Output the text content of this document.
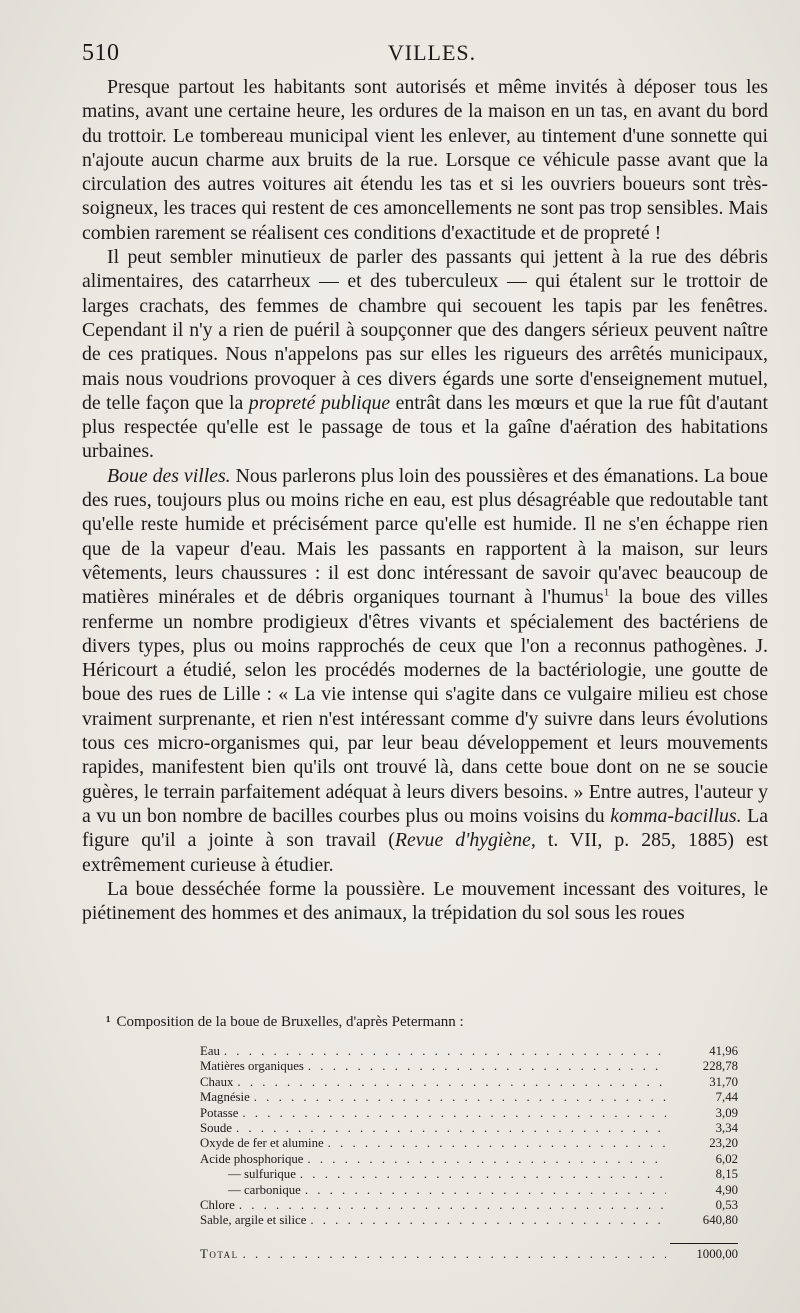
510	VILLES.

Presque partout les habitants sont autorisés et même invités à déposer tous les matins, avant une certaine heure, les ordures de la maison en un tas, en avant du bord du trottoir. Le tombereau municipal vient les enlever, au tintement d'une sonnette qui n'ajoute aucun charme aux bruits de la rue. Lorsque ce véhicule passe avant que la circulation des autres voitures ait étendu les tas et si les ouvriers boueurs sont très-soigneux, les traces qui restent de ces amoncellements ne sont pas trop sensibles. Mais combien rarement se réalisent ces conditions d'exactitude et de propreté !

Il peut sembler minutieux de parler des passants qui jettent à la rue des débris alimentaires, des catarrheux — et des tuberculeux — qui étalent sur le trottoir de larges crachats, des femmes de chambre qui secouent les tapis par les fenêtres. Cependant il n'y a rien de puéril à soupçonner que des dangers sérieux peuvent naître de ces pratiques. Nous n'appelons pas sur elles les rigueurs des arrêtés municipaux, mais nous voudrions provoquer à ces divers égards une sorte d'enseignement mutuel, de telle façon que la propreté publique entrât dans les mœurs et que la rue fût d'autant plus respectée qu'elle est le passage de tous et la gaîne d'aération des habitations urbaines.

Boue des villes. Nous parlerons plus loin des poussières et des émanations. La boue des rues, toujours plus ou moins riche en eau, est plus désagréable que redoutable tant qu'elle reste humide et précisément parce qu'elle est humide. Il ne s'en échappe rien que de la vapeur d'eau. Mais les passants en rapportent à la maison, sur leurs vêtements, leurs chaussures : il est donc intéressant de savoir qu'avec beaucoup de matières minérales et de débris organiques tournant à l'humus$^1$ la boue des villes renferme un nombre prodigieux d'êtres vivants et spécialement des bactériens de divers types, plus ou moins rapprochés de ceux que l'on a reconnus pathogènes. J. Héricourt a étudié, selon les procédés modernes de la bactériologie, une goutte de boue des rues de Lille : « La vie intense qui s'agite dans ce vulgaire milieu est chose vraiment surprenante, et rien n'est intéressant comme d'y suivre dans leurs évolutions tous ces micro-organismes qui, par leur beau développement et leurs mouvements rapides, manifestent bien qu'ils ont trouvé là, dans cette boue dont on ne se soucie guères, le terrain parfaitement adéquat à leurs divers besoins. » Entre autres, l'auteur y a vu un bon nombre de bacilles courbes plus ou moins voisins du komma-bacillus. La figure qu'il a jointe à son travail (Revue d'hygiène, t. VII, p. 285, 1885) est extrêmement curieuse à étudier.

La boue desséchée forme la poussière. Le mouvement incessant des voitures, le piétinement des hommes et des animaux, la trépidation du sol sous les roues

¹ Composition de la boue de Bruxelles, d'après Petermann :
Eau . . .	41,96
Matières organiques . . .	228,78
Chaux . . .	31,70
Magnésie . . .	7,44
Potasse . . .	3,09
Soude . . .	3,34
Oxyde de fer et alumine . . .	23,20
Acide phosphorique . . .	6,02
— sulfurique . . .	8,15
— carbonique . . .	4,90
Chlore . . .	0,53
Sable, argile et silice . . .	640,80
Total . . .	1000,00
